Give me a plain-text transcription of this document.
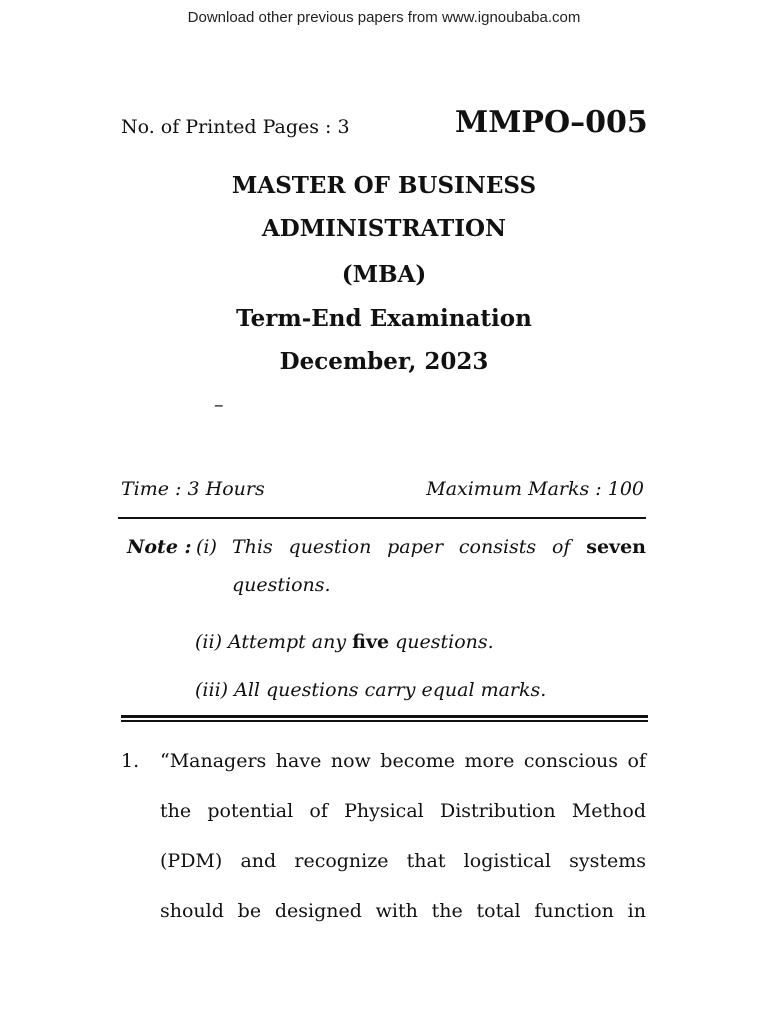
Download other previous papers from www.ignoubaba.com
No. of Printed Pages : 3	MMPO–005
MASTER OF BUSINESS
ADMINISTRATION
(MBA)
Term-End Examination
December, 2023
–
Time : 3 Hours	Maximum Marks : 100
Note : (i) This question paper consists of seven
questions.
(ii) Attempt any five questions.
(iii) All questions carry equal marks.
1. “Managers have now become more conscious of
the potential of Physical Distribution Method
(PDM) and recognize that logistical systems
should be designed with the total function in
